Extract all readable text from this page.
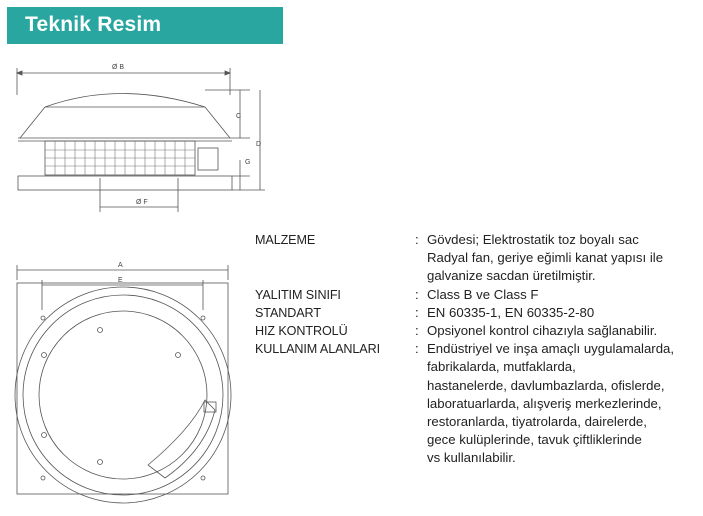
Teknik Resim
Ø B
C
D
G
Ø F
A
E
MALZEME	: Gövdesi; Elektrostatik toz boyalı sac
Radyal fan, geriye eğimli kanat yapısı ile
galvanize sacdan üretilmiştir.
YALITIM SINIFI	: Class B ve Class F
STANDART	: EN 60335-1, EN 60335-2-80
HIZ KONTROLÜ	: Opsiyonel kontrol cihazıyla sağlanabilir.
KULLANIM ALANLARI	: Endüstriyel ve inşa amaçlı uygulamalarda,
fabrikalarda, mutfaklarda,
hastanelerde, davlumbazlarda, ofislerde,
laboratuarlarda, alışveriş merkezlerinde,
restoranlarda, tiyatrolarda, dairelerde,
gece kulüplerinde, tavuk çiftliklerinde
vs kullanılabilir.
